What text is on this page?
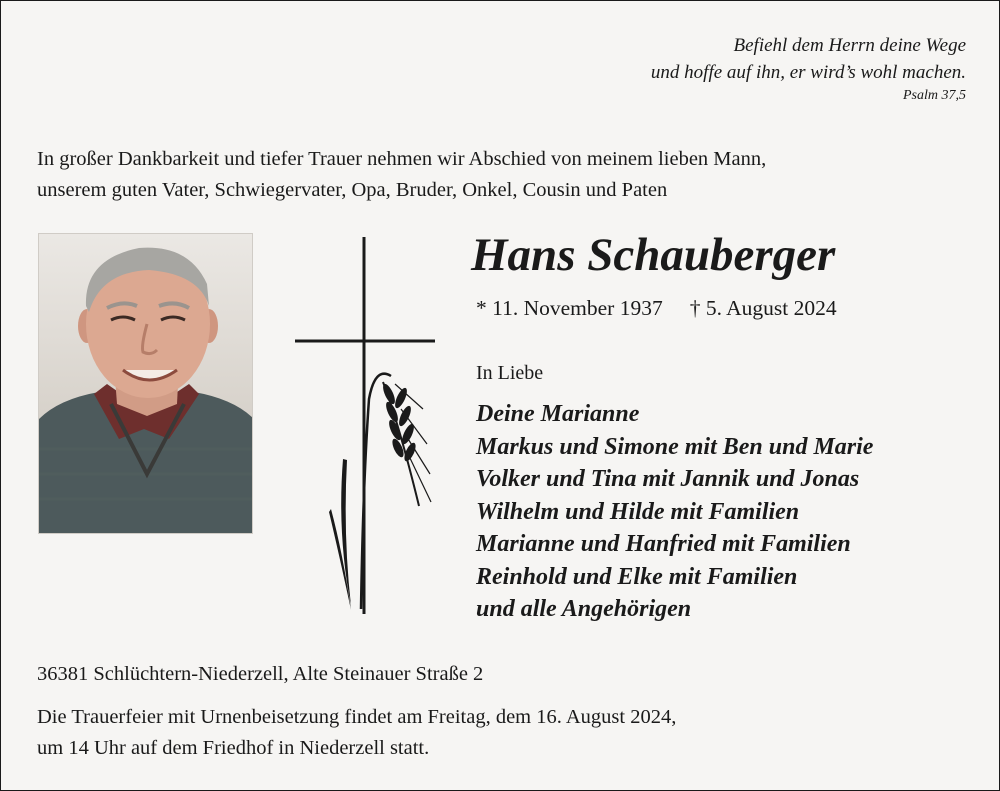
Befiehl dem Herrn deine Wege
und hoffe auf ihn, er wird’s wohl machen.
Psalm 37,5
In großer Dankbarkeit und tiefer Trauer nehmen wir Abschied von meinem lieben Mann,
unserem guten Vater, Schwiegervater, Opa, Bruder, Onkel, Cousin und Paten
Hans Schauberger
* 11. November 1937 † 5. August 2024
In Liebe
Deine Marianne
Markus und Simone mit Ben und Marie
Volker und Tina mit Jannik und Jonas
Wilhelm und Hilde mit Familien
Marianne und Hanfried mit Familien
Reinhold und Elke mit Familien
und alle Angehörigen
36381 Schlüchtern-Niederzell, Alte Steinauer Straße 2
Die Trauerfeier mit Urnenbeisetzung findet am Freitag, dem 16. August 2024,
um 14 Uhr auf dem Friedhof in Niederzell statt.
